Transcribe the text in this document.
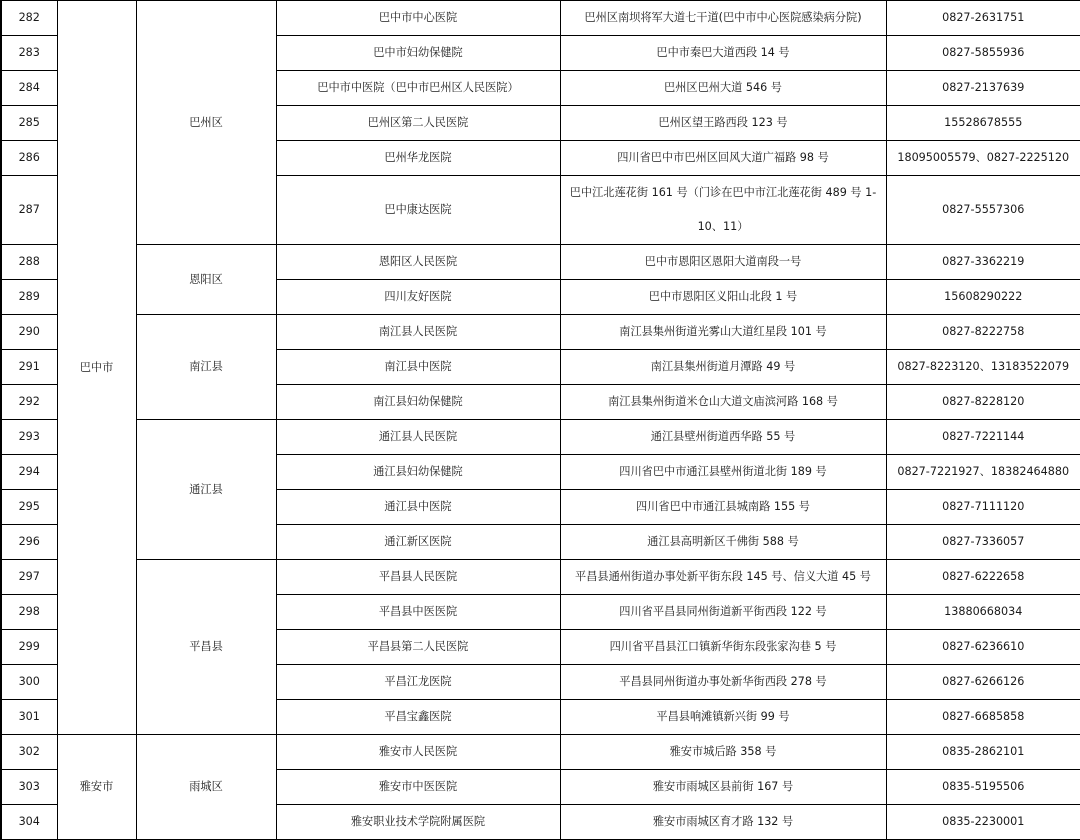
282	巴中市	巴州区	巴中市中心医院	巴州区南坝将军大道七干道(巴中市中心医院感染病分院)	0827-2631751
283			巴中市妇幼保健院	巴中市秦巴大道西段 14 号	0827-5855936
284			巴中市中医院（巴中市巴州区人民医院）	巴州区巴州大道 546 号	0827-2137639
285			巴州区第二人民医院	巴州区望王路西段 123 号	15528678555
286			巴州华龙医院	四川省巴中市巴州区回风大道广福路 98 号	18095005579、0827-2225120
287			巴中康达医院	巴中江北莲花街 161 号（门诊在巴中市江北莲花街 489 号 1-10、11）	0827-5557306
288		恩阳区	恩阳区人民医院	巴中市恩阳区恩阳大道南段一号	0827-3362219
289			四川友好医院	巴中市恩阳区义阳山北段 1 号	15608290222
290		南江县	南江县人民医院	南江县集州街道光雾山大道红星段 101 号	0827-8222758
291			南江县中医院	南江县集州街道月潭路 49 号	0827-8223120、13183522079
292			南江县妇幼保健院	南江县集州街道米仓山大道文庙滨河路 168 号	0827-8228120
293		通江县	通江县人民医院	通江县壁州街道西华路 55 号	0827-7221144
294			通江县妇幼保健院	四川省巴中市通江县壁州街道北街 189 号	0827-7221927、18382464880
295			通江县中医院	四川省巴中市通江县城南路 155 号	0827-7111120
296			通江新区医院	通江县高明新区千佛街 588 号	0827-7336057
297		平昌县	平昌县人民医院	平昌县通州街道办事处新平街东段 145 号、信义大道 45 号	0827-6222658
298			平昌县中医医院	四川省平昌县同州街道新平街西段 122 号	13880668034
299			平昌县第二人民医院	四川省平昌县江口镇新华街东段张家沟巷 5 号	0827-6236610
300			平昌江龙医院	平昌县同州街道办事处新华街西段 278 号	0827-6266126
301			平昌宝鑫医院	平昌县响滩镇新兴街 99 号	0827-6685858
302	雅安市	雨城区	雅安市人民医院	雅安市城后路 358 号	0835-2862101
303			雅安市中医医院	雅安市雨城区县前街 167 号	0835-5195506
304			雅安职业技术学院附属医院	雅安市雨城区育才路 132 号	0835-2230001
